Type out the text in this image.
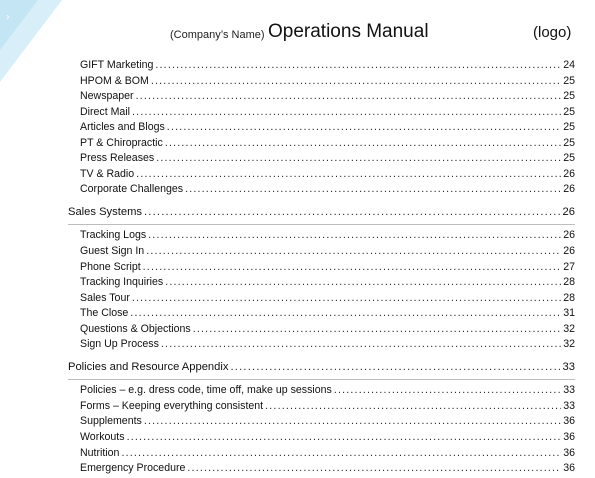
›
(Company’s Name) Operations Manual	(logo)
GIFT Marketing .....	24
HPOM & BOM .....	25
Newspaper .....	25
Direct Mail .....	25
Articles and Blogs .....	25
PT & Chiropractic .....	25
Press Releases .....	25
TV & Radio .....	26
Corporate Challenges .....	26
Sales Systems .....	26
Tracking Logs .....	26
Guest Sign In .....	26
Phone Script .....	27
Tracking Inquiries .....	28
Sales Tour .....	28
The Close .....	31
Questions & Objections .....	32
Sign Up Process .....	32
Policies and Resource Appendix .....	33
Policies – e.g. dress code, time off, make up sessions .....	33
Forms – Keeping everything consistent .....	33
Supplements .....	36
Workouts .....	36
Nutrition .....	36
Emergency Procedure .....	36
